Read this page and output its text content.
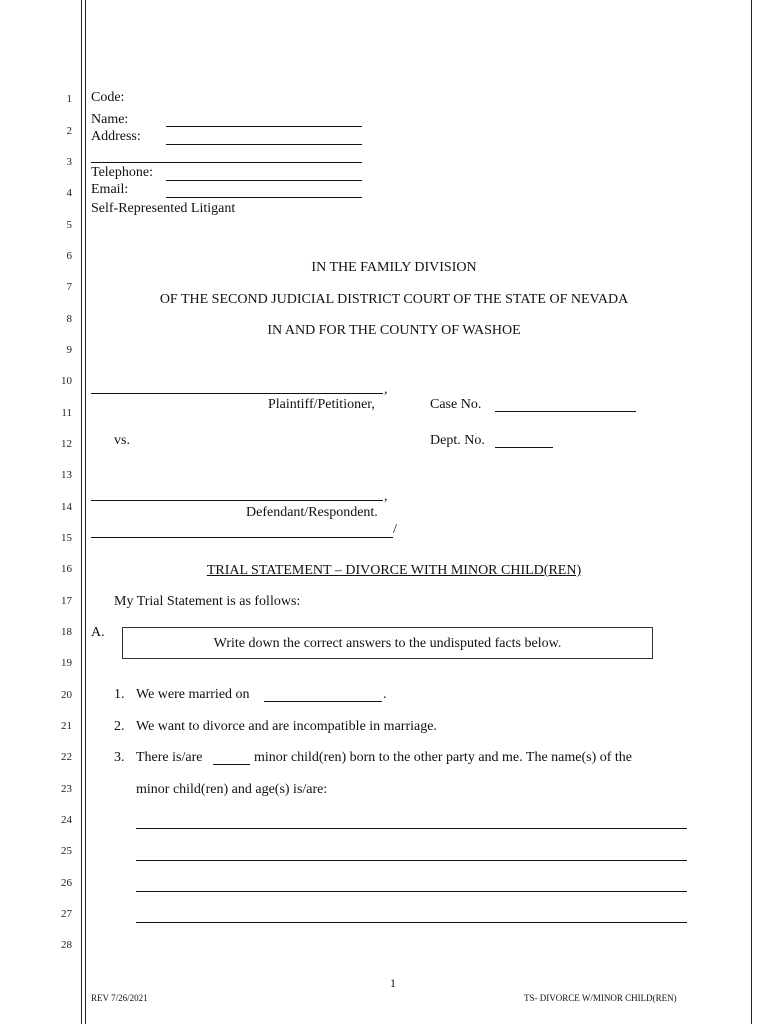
1
2
3
4
5
6
7
8
9
10
11
12
13
14
15
16
17
18
19
20
21
22
23
24
25
26
27
28
Code:
Name:
Address:
Telephone:
Email:
Self-Represented Litigant
IN THE FAMILY DIVISION
OF THE SECOND JUDICIAL DISTRICT COURT OF THE STATE OF NEVADA
IN AND FOR THE COUNTY OF WASHOE
,
Plaintiff/Petitioner,	Case No.
vs.	Dept. No.
,
Defendant/Respondent.
/
TRIAL STATEMENT – DIVORCE WITH MINOR CHILD(REN)
My Trial Statement is as follows:
A.
Write down the correct answers to the undisputed facts below.
1. We were married on	.
2. We want to divorce and are incompatible in marriage.
3. There is/are	minor child(ren) born to the other party and me. The name(s) of the
minor child(ren) and age(s) is/are:
1
REV 7/26/2021	TS- DIVORCE W/MINOR CHILD(REN)
